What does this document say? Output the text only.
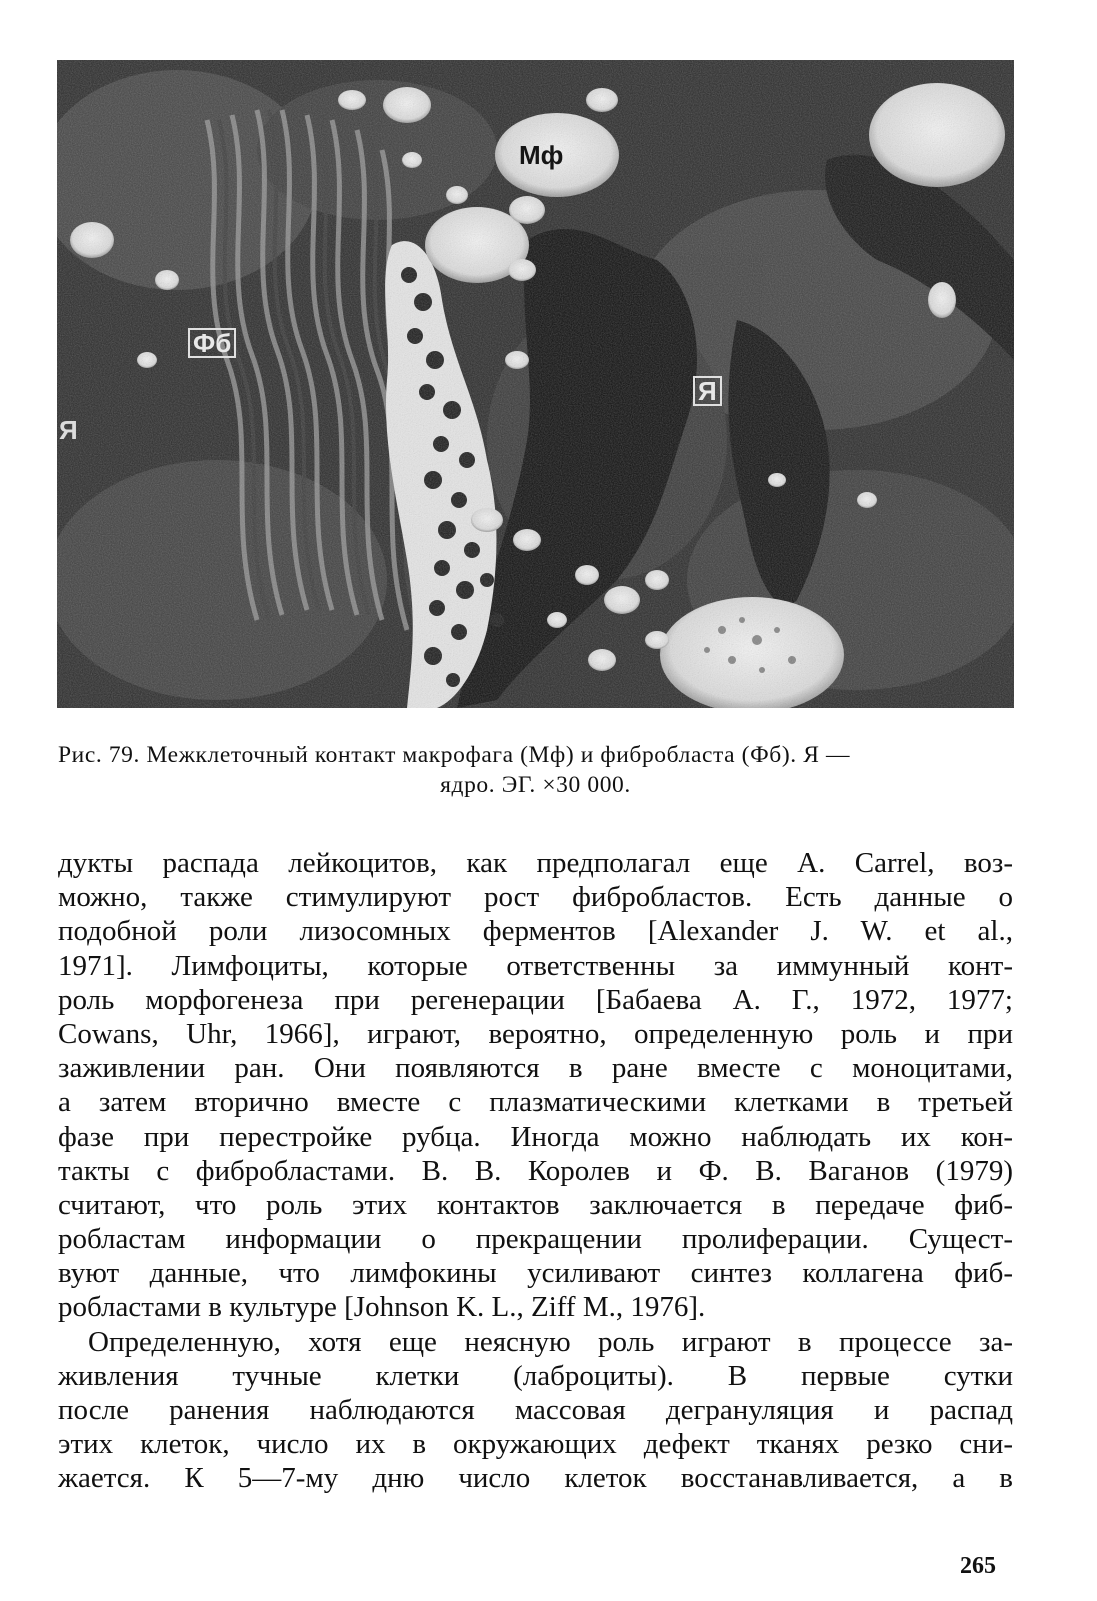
Мф
Фб
Я
Я
Рис. 79. Межклеточный контакт макрофага (Мф) и фибробласта (Фб). Я —
ядро. ЭГ. ×30 000.
дукты распада лейкоцитов, как предполагал еще A. Carrel, воз-
можно, также стимулируют рост фибробластов. Есть данные о
подобной роли лизосомных ферментов [Alexander J. W. et al.,
1971]. Лимфоциты, которые ответственны за иммунный конт-
роль морфогенеза при регенерации [Бабаева А. Г., 1972, 1977;
Cowans, Uhr, 1966], играют, вероятно, определенную роль и при
заживлении ран. Они появляются в ране вместе с моноцитами,
а затем вторично вместе с плазматическими клетками в третьей
фазе при перестройке рубца. Иногда можно наблюдать их кон-
такты с фибробластами. В. В. Королев и Ф. В. Ваганов (1979)
считают, что роль этих контактов заключается в передаче фиб-
робластам информации о прекращении пролиферации. Сущест-
вуют данные, что лимфокины усиливают синтез коллагена фиб-
робластами в культуре [Johnson K. L., Ziff M., 1976].
Определенную, хотя еще неясную роль играют в процессе за-
живления тучные клетки (лаброциты). В первые сутки
после ранения наблюдаются массовая дегрануляция и распад
этих клеток, число их в окружающих дефект тканях резко сни-
жается. К 5—7-му дню число клеток восстанавливается, а в
265
